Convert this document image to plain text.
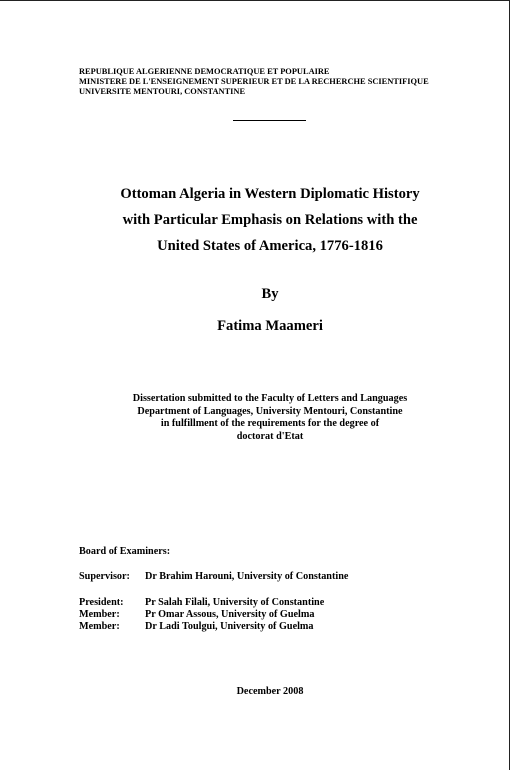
REPUBLIQUE ALGERIENNE DEMOCRATIQUE ET POPULAIRE
MINISTERE DE L'ENSEIGNEMENT SUPERIEUR ET DE LA RECHERCHE SCIENTIFIQUE
UNIVERSITE MENTOURI, CONSTANTINE
Ottoman Algeria in Western Diplomatic History
with Particular Emphasis on Relations with the
United States of America, 1776-1816
By
Fatima Maameri
Dissertation submitted to the Faculty of Letters and Languages
Department of Languages, University Mentouri, Constantine
in fulfillment of the requirements for the degree of
doctorat d'Etat
Board of Examiners:
Supervisor:	Dr Brahim Harouni, University of Constantine
President:	Pr Salah Filali, University of Constantine
Member:	Pr Omar Assous, University of Guelma
Member:	Dr Ladi Toulgui, University of Guelma
December 2008
